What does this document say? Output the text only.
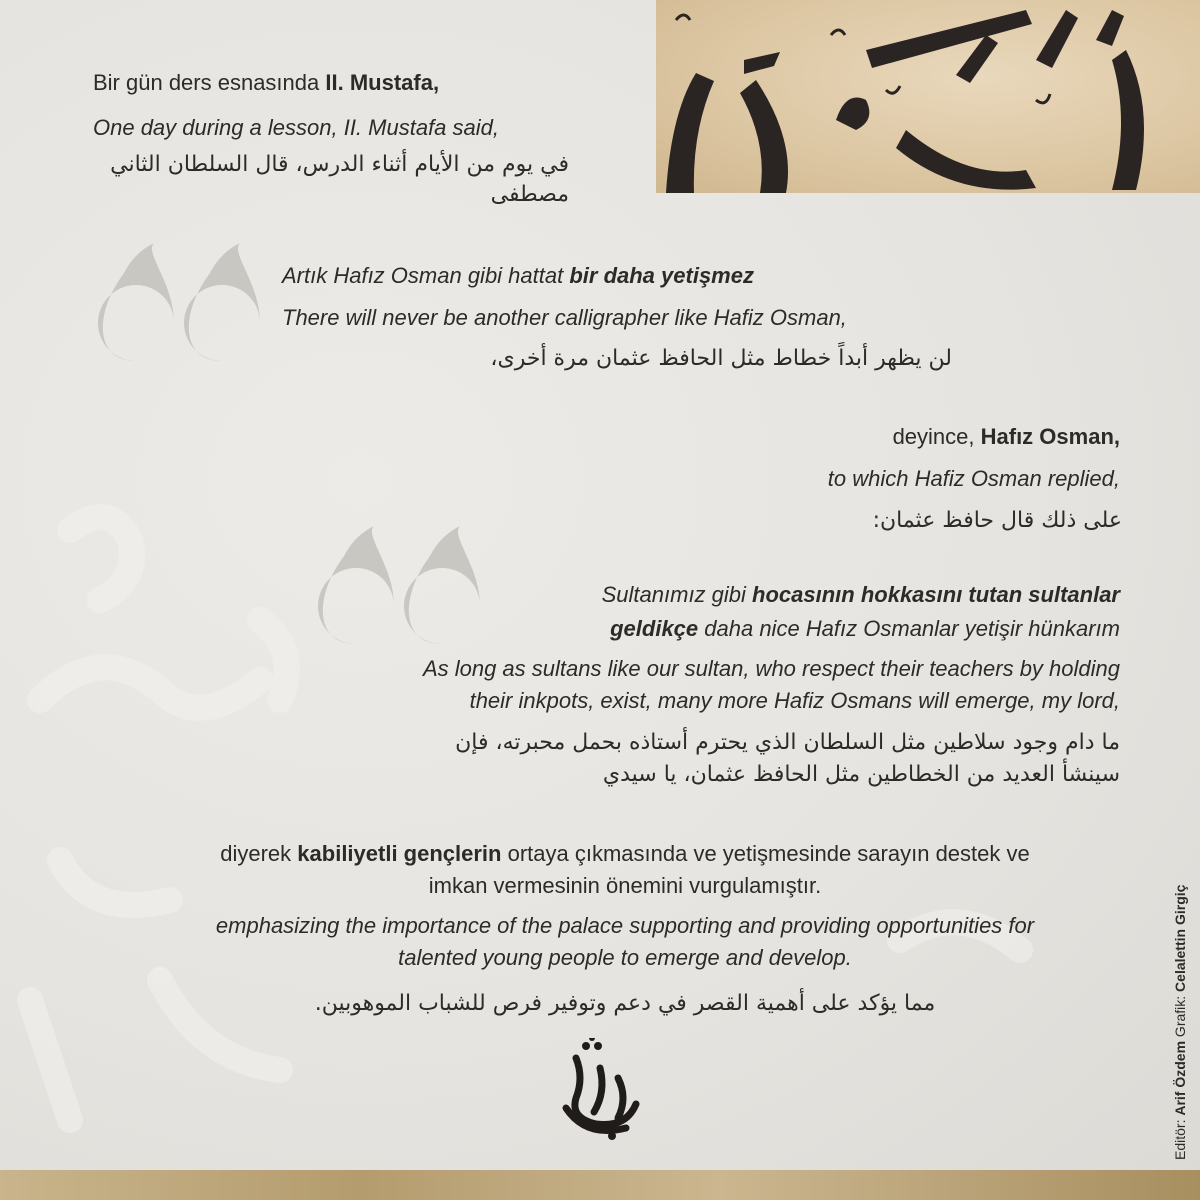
Bir gün ders esnasında II. Mustafa,

One day during a lesson, II. Mustafa said,

في يوم من الأيام أثناء الدرس، قال السلطان الثاني مصطفى

Artık Hafız Osman gibi hattat bir daha yetişmez

There will never be another calligrapher like Hafiz Osman,

لن يظهر أبداً خطاط مثل الحافظ عثمان مرة أخرى،

deyince, Hafız Osman,

to which Hafiz Osman replied,

على ذلك قال حافظ عثمان:

Sultanımız gibi hocasının hokkasını tutan sultanlar

geldikçe daha nice Hafız Osmanlar yetişir hünkarım

As long as sultans like our sultan, who respect their teachers by holding

their inkpots, exist, many more Hafiz Osmans will emerge, my lord,

ما دام وجود سلاطين مثل السلطان الذي يحترم أستاذه بحمل محبرته، فإن

سينشأ العديد من الخطاطين مثل الحافظ عثمان، يا سيدي

diyerek kabiliyetli gençlerin ortaya çıkmasında ve yetişmesinde sarayın destek ve

imkan vermesinin önemini vurgulamıştır.

emphasizing the importance of the palace supporting and providing opportunities for

talented young people to emerge and develop.

مما يؤكد على أهمية القصر في دعم وتوفير فرص للشباب الموهوبين.

Editör: Arif Özdem Grafik: Celalettin Girgiç
